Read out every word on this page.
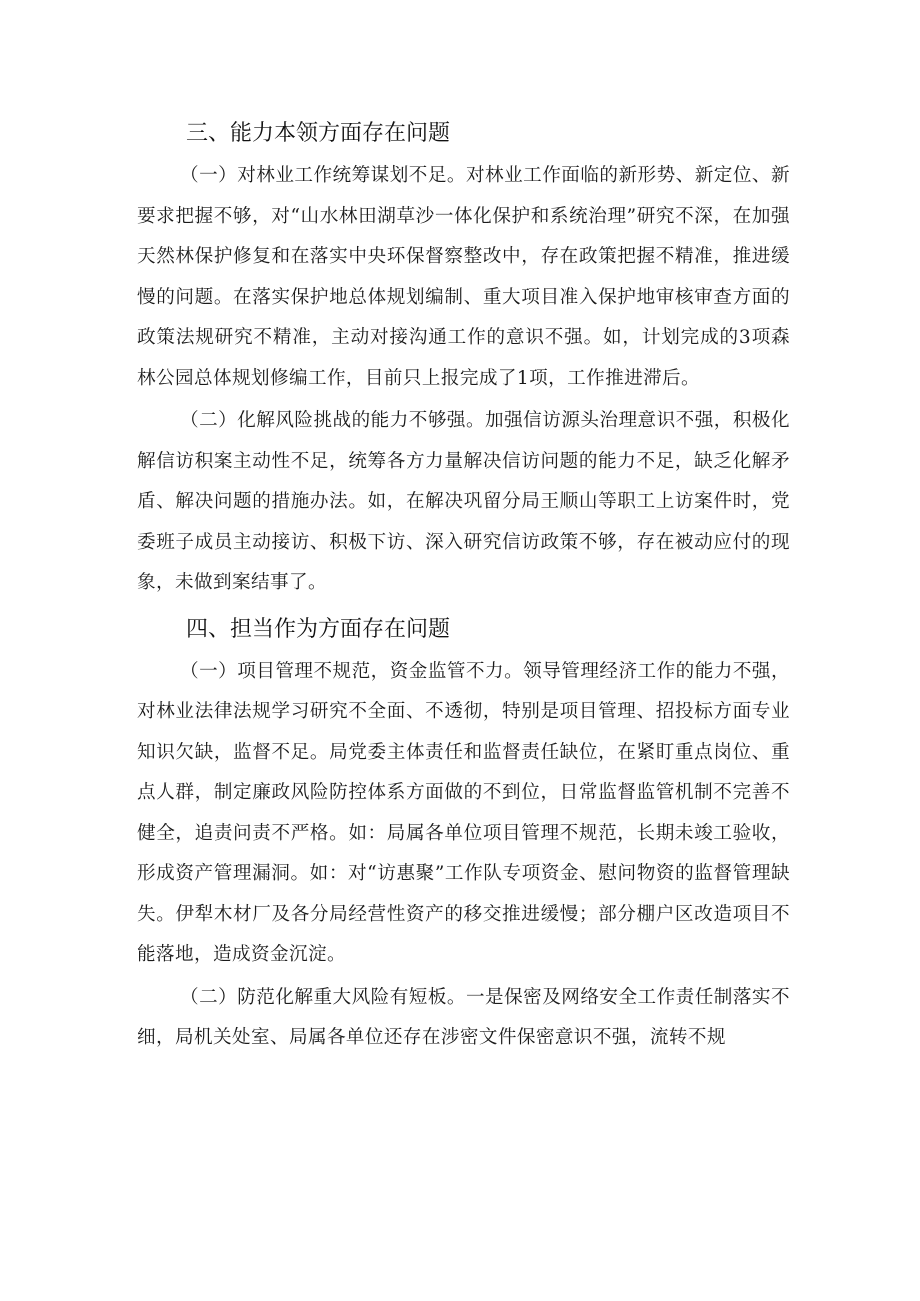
三、能力本领方面存在问题

（一）对林业工作统筹谋划不足。对林业工作面临的新形势、新定位、新要求把握不够，对“山水林田湖草沙一体化保护和系统治理”研究不深，在加强天然林保护修复和在落实中央环保督察整改中，存在政策把握不精准，推进缓慢的问题。在落实保护地总体规划编制、重大项目准入保护地审核审查方面的政策法规研究不精准，主动对接沟通工作的意识不强。如，计划完成的3项森林公园总体规划修编工作，目前只上报完成了1项，工作推进滞后。

（二）化解风险挑战的能力不够强。加强信访源头治理意识不强，积极化解信访积案主动性不足，统筹各方力量解决信访问题的能力不足，缺乏化解矛盾、解决问题的措施办法。如，在解决巩留分局王顺山等职工上访案件时，党委班子成员主动接访、积极下访、深入研究信访政策不够，存在被动应付的现象，未做到案结事了。

四、担当作为方面存在问题

（一）项目管理不规范，资金监管不力。领导管理经济工作的能力不强，对林业法律法规学习研究不全面、不透彻，特别是项目管理、招投标方面专业知识欠缺，监督不足。局党委主体责任和监督责任缺位，在紧盯重点岗位、重点人群，制定廉政风险防控体系方面做的不到位，日常监督监管机制不完善不健全，追责问责不严格。如：局属各单位项目管理不规范，长期未竣工验收，形成资产管理漏洞。如：对“访惠聚”工作队专项资金、慰问物资的监督管理缺失。伊犁木材厂及各分局经营性资产的移交推进缓慢；部分棚户区改造项目不能落地，造成资金沉淀。

（二）防范化解重大风险有短板。一是保密及网络安全工作责任制落实不细，局机关处室、局属各单位还存在涉密文件保密意识不强，流转不规
